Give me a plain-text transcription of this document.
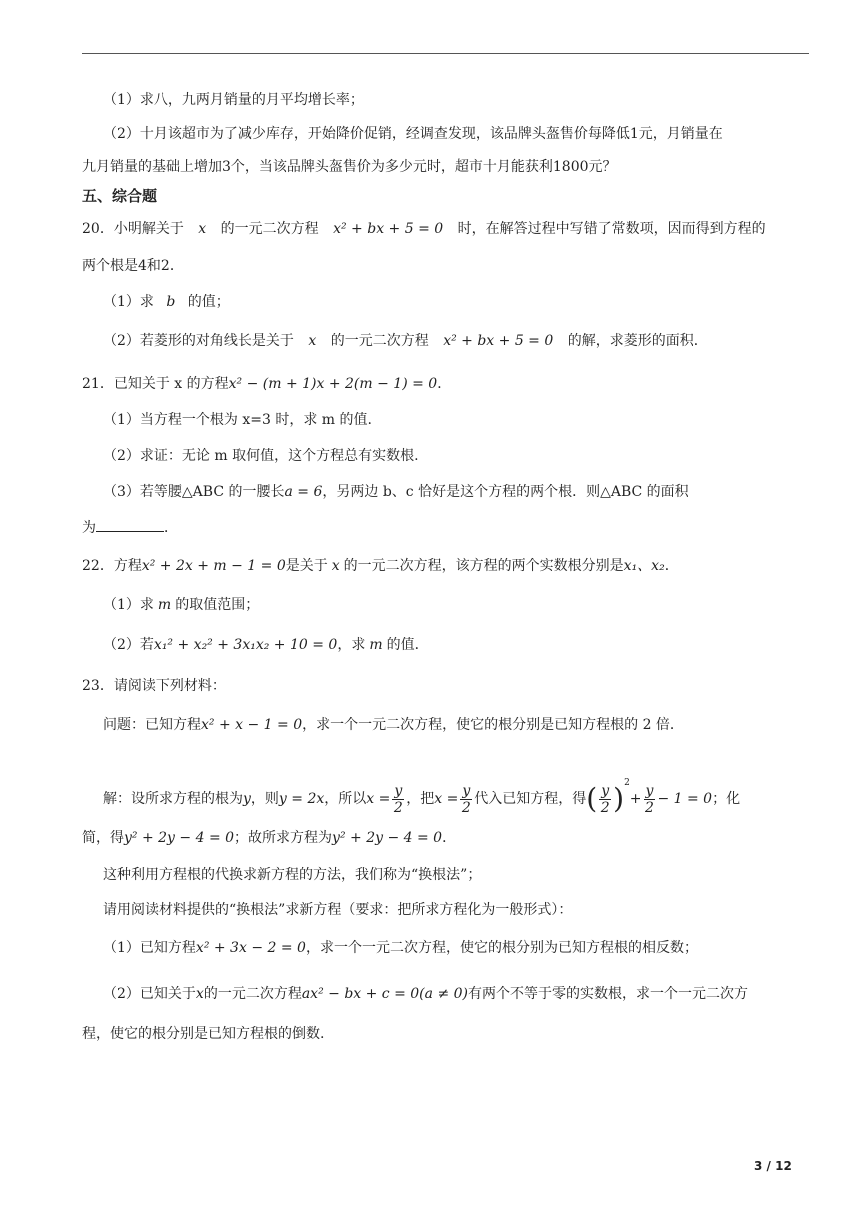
（1）求八，九两月销量的月平均增长率；
（2）十月该超市为了减少库存，开始降价促销，经调查发现，该品牌头盔售价每降低1元，月销量在
九月销量的基础上增加3个，当该品牌头盔售价为多少元时，超市十月能获利1800元？
五、综合题
20．小明解关于 x 的一元二次方程 x² + bx + 5 = 0 时，在解答过程中写错了常数项，因而得到方程的
两个根是4和2．
（1）求 b 的值；
（2）若菱形的对角线长是关于 x 的一元二次方程 x² + bx + 5 = 0 的解，求菱形的面积．
21．已知关于 x 的方程x² − (m + 1)x + 2(m − 1) = 0．
（1）当方程一个根为 x=3 时，求 m 的值.
（2）求证：无论 m 取何值，这个方程总有实数根.
（3）若等腰△ABC 的一腰长a = 6，另两边 b、c 恰好是这个方程的两个根．则△ABC 的面积
为	．
22．方程x² + 2x + m − 1 = 0是关于 x 的一元二次方程，该方程的两个实数根分别是x₁、x₂．
（1）求 m 的取值范围；
（2）若x₁² + x₂² + 3x₁x₂ + 10 = 0，求 m 的值．
23．请阅读下列材料：
问题：已知方程x² + x − 1 = 0，求一个一元二次方程，使它的根分别是已知方程根的 2 倍．
解：设所求方程的根为y，则y = 2x，所以$x = \frac{y}{2}$ ，把$x = \frac{y}{2}$ 代入已知方程，得( $\frac{y}{2} )^2+ \frac{y}{2} - 1 = 0$；化
简，得y² + 2y − 4 = 0；故所求方程为y² + 2y − 4 = 0．
这种利用方程根的代换求新方程的方法，我们称为“换根法”；
请用阅读材料提供的“换根法”求新方程（要求：把所求方程化为一般形式）：
（1）已知方程x² + 3x − 2 = 0，求一个一元二次方程，使它的根分别为已知方程根的相反数；
（2）已知关于x的一元二次方程ax² − bx + c = 0(a ≠ 0)有两个不等于零的实数根，求一个一元二次方
程，使它的根分别是已知方程根的倒数.
3 / 12
